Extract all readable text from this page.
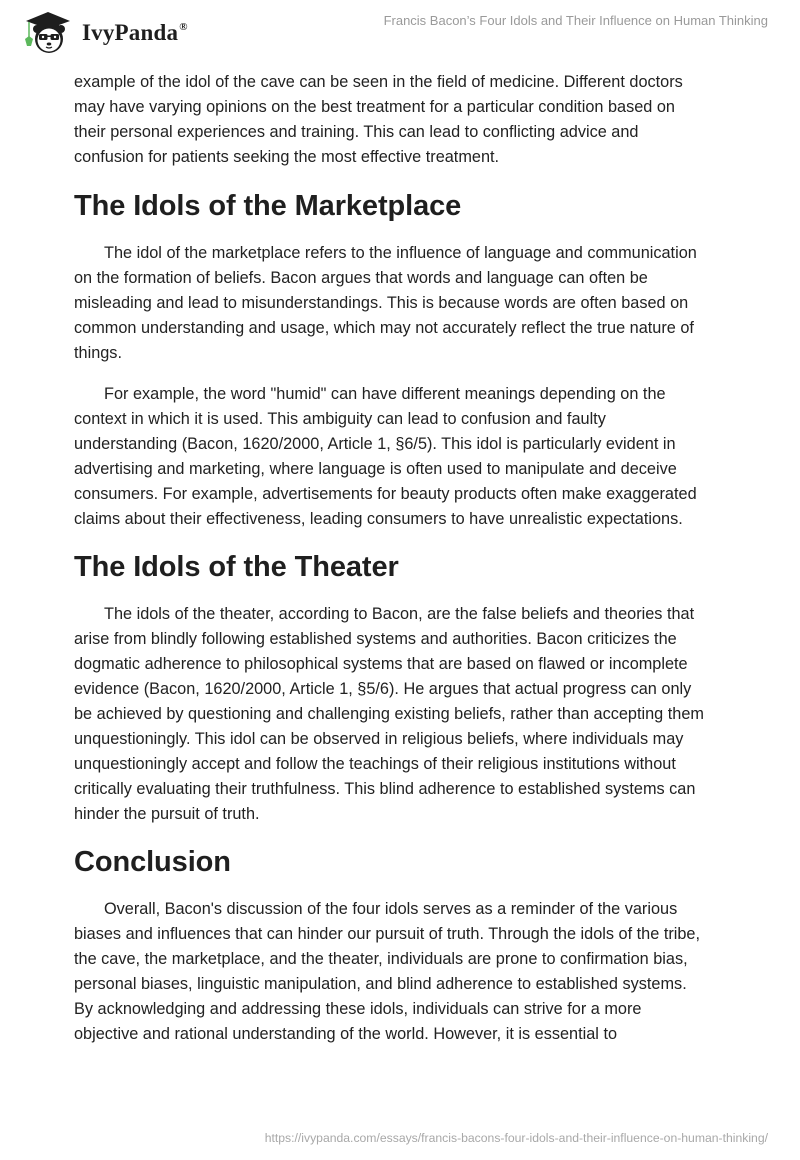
IvyPanda®	Francis Bacon’s Four Idols and Their Influence on Human Thinking

example of the idol of the cave can be seen in the field of medicine. Different doctors
may have varying opinions on the best treatment for a particular condition based on
their personal experiences and training. This can lead to conflicting advice and
confusion for patients seeking the most effective treatment.

The Idols of the Marketplace

The idol of the marketplace refers to the influence of language and communication
on the formation of beliefs. Bacon argues that words and language can often be
misleading and lead to misunderstandings. This is because words are often based on
common understanding and usage, which may not accurately reflect the true nature of
things.

For example, the word "humid" can have different meanings depending on the
context in which it is used. This ambiguity can lead to confusion and faulty
understanding (Bacon, 1620/2000, Article 1, §6/5). This idol is particularly evident in
advertising and marketing, where language is often used to manipulate and deceive
consumers. For example, advertisements for beauty products often make exaggerated
claims about their effectiveness, leading consumers to have unrealistic expectations.

The Idols of the Theater

The idols of the theater, according to Bacon, are the false beliefs and theories that
arise from blindly following established systems and authorities. Bacon criticizes the
dogmatic adherence to philosophical systems that are based on flawed or incomplete
evidence (Bacon, 1620/2000, Article 1, §5/6). He argues that actual progress can only
be achieved by questioning and challenging existing beliefs, rather than accepting them
unquestioningly. This idol can be observed in religious beliefs, where individuals may
unquestioningly accept and follow the teachings of their religious institutions without
critically evaluating their truthfulness. This blind adherence to established systems can
hinder the pursuit of truth.

Conclusion

Overall, Bacon's discussion of the four idols serves as a reminder of the various
biases and influences that can hinder our pursuit of truth. Through the idols of the tribe,
the cave, the marketplace, and the theater, individuals are prone to confirmation bias,
personal biases, linguistic manipulation, and blind adherence to established systems.
By acknowledging and addressing these idols, individuals can strive for a more
objective and rational understanding of the world. However, it is essential to

https://ivypanda.com/essays/francis-bacons-four-idols-and-their-influence-on-human-thinking/
